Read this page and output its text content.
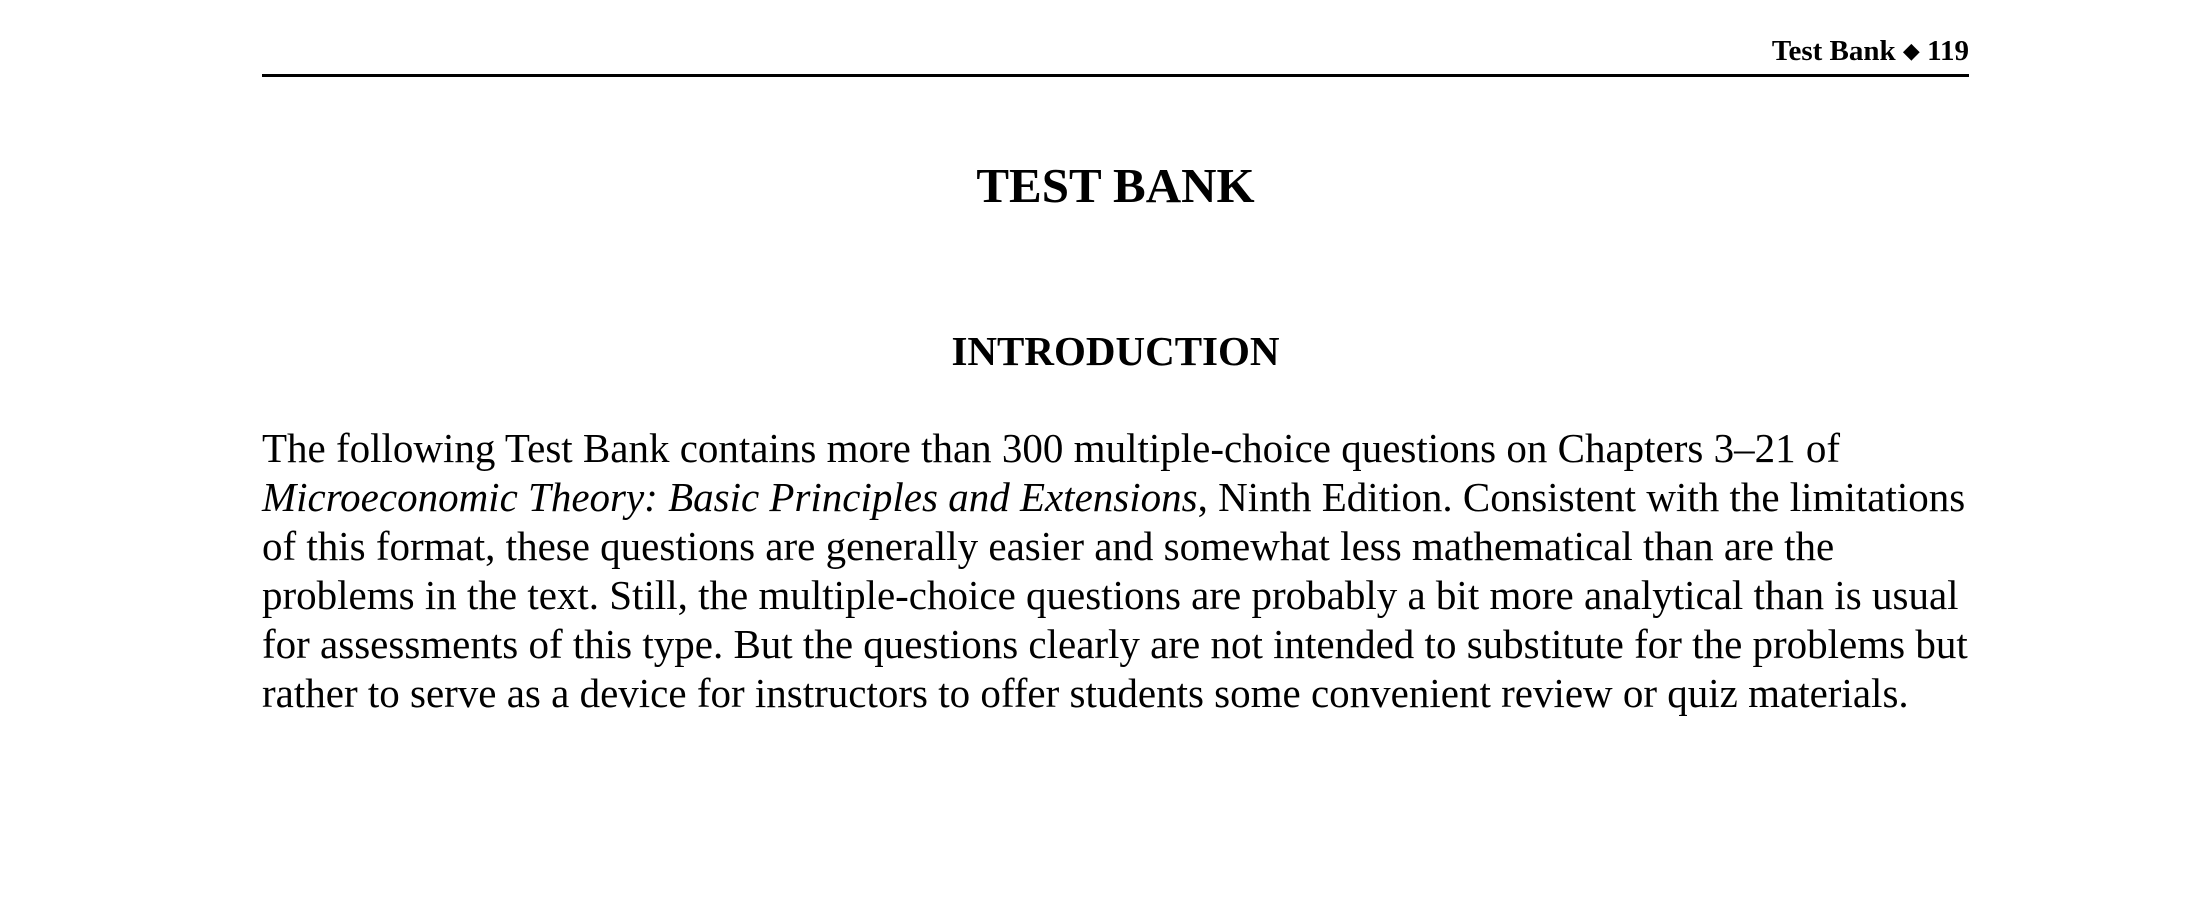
Test Bank ◆ 119
TEST BANK
INTRODUCTION

The following Test Bank contains more than 300 multiple-choice questions on Chapters 3–21 of Microeconomic Theory: Basic Principles and Extensions, Ninth Edition. Consistent with the limitations of this format, these questions are generally easier and somewhat less mathematical than are the problems in the text. Still, the multiple-choice questions are probably a bit more analytical than is usual for assessments of this type. But the questions clearly are not intended to substitute for the problems but rather to serve as a device for instructors to offer students some convenient review or quiz materials.
